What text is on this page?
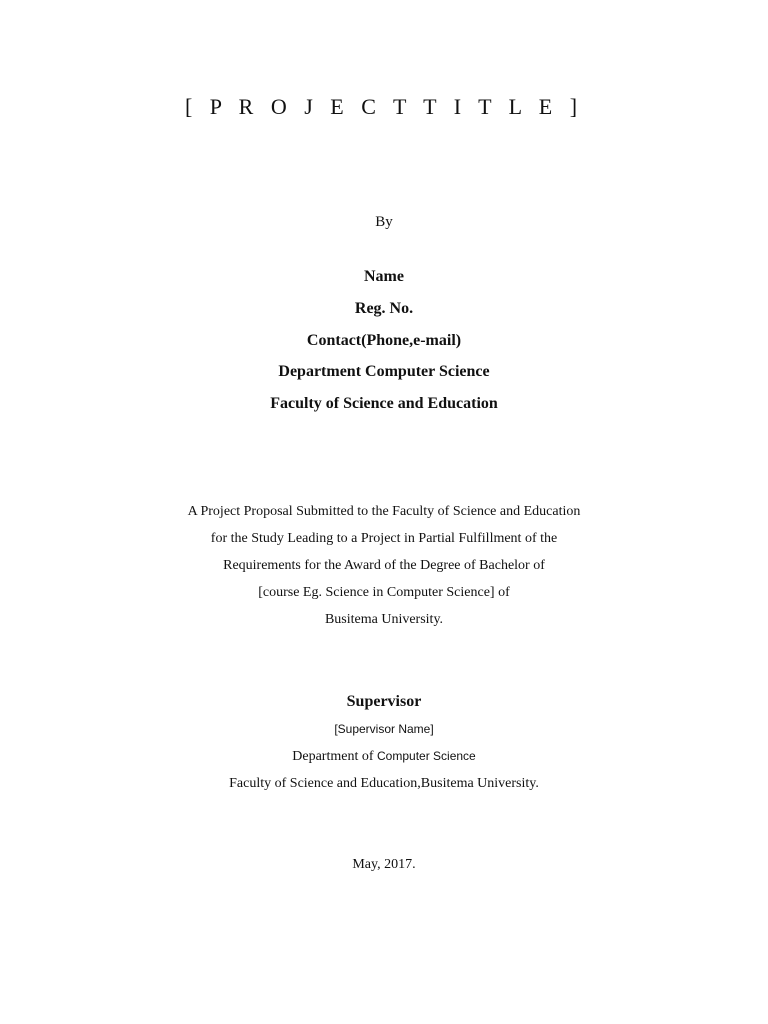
[ P R O J E C T T I T L E ]
By
Name
Reg. No.
Contact(Phone,e-mail)
Department Computer Science
Faculty of Science and Education
A Project Proposal Submitted to the Faculty of Science and Education
for the Study Leading to a Project in Partial Fulfillment of the
Requirements for the Award of the Degree of Bachelor of
[course Eg. Science in Computer Science] of
Busitema University.
Supervisor
[Supervisor Name]
Department of Computer Science
Faculty of Science and Education,Busitema University.
May, 2017.
